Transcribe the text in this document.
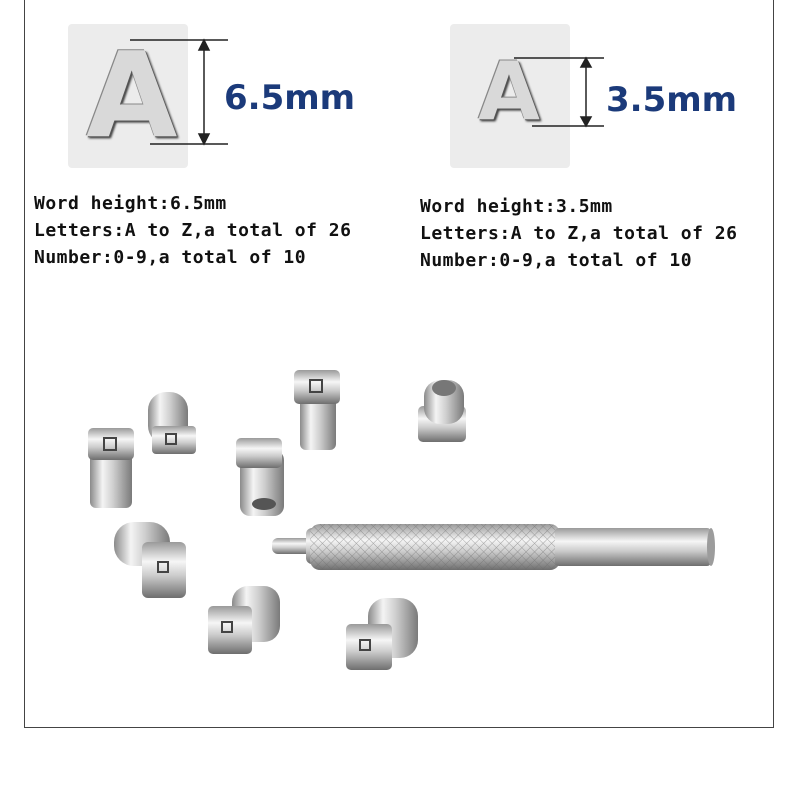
A 6.5mm A 3.5mm
Word height:6.5mm
Letters:A to Z,a total of 26
Number:0-9,a total of 10
Word height:3.5mm
Letters:A to Z,a total of 26
Number:0-9,a total of 10
